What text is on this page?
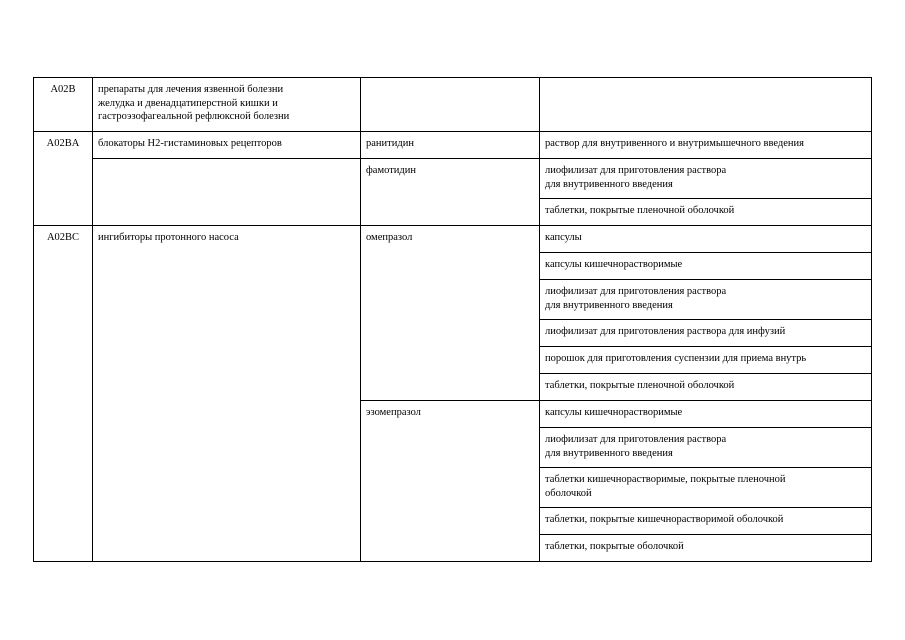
A02B	препараты для лечения язвенной болезни
желудка и двенадцатиперстной кишки и
гастроэзофагеальной рефлюксной болезни		
A02BA	блокаторы H2-гистаминовых рецепторов	ранитидин	раствор для внутривенного и внутримышечного введения
		фамотидин	лиофилизат для приготовления раствора
для внутривенного введения
			таблетки, покрытые пленочной оболочкой
A02BC	ингибиторы протонного насоса	омепразол	капсулы
			капсулы кишечнорастворимые
			лиофилизат для приготовления раствора
для внутривенного введения
			лиофилизат для приготовления раствора для инфузий
			порошок для приготовления суспензии для приема внутрь
			таблетки, покрытые пленочной оболочкой
		эзомепразол	капсулы кишечнорастворимые
			лиофилизат для приготовления раствора
для внутривенного введения
			таблетки кишечнорастворимые, покрытые пленочной
оболочкой
			таблетки, покрытые кишечнорастворимой оболочкой
			таблетки, покрытые оболочкой
